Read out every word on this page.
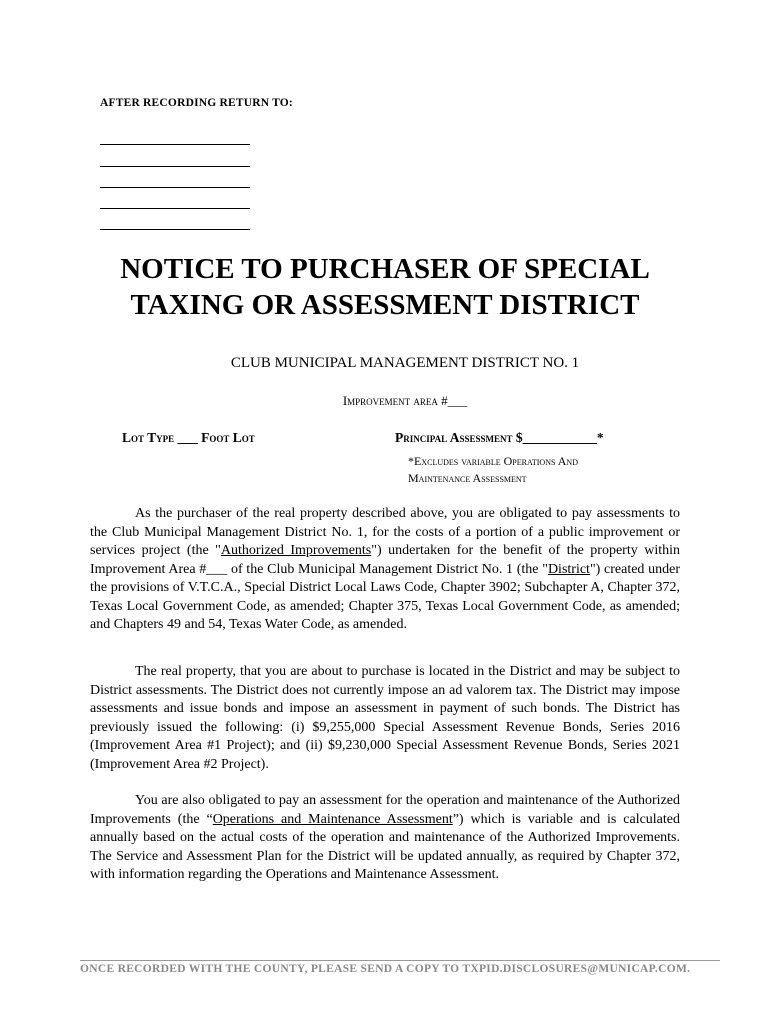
AFTER RECORDING RETURN TO:
NOTICE TO PURCHASER OF SPECIAL
TAXING OR ASSESSMENT DISTRICT
CLUB MUNICIPAL MANAGEMENT DISTRICT NO. 1
Improvement area #___
Lot Type ___ Foot Lot	Principal Assessment $___________*
*Excludes variable Operations And
Maintenance Assessment

As the purchaser of the real property described above, you are obligated to pay assessments to the Club Municipal Management District No. 1, for the costs of a portion of a public improvement or services project (the "Authorized Improvements") undertaken for the benefit of the property within Improvement Area #___ of the Club Municipal Management District No. 1 (the "District") created under the provisions of V.T.C.A., Special District Local Laws Code, Chapter 3902; Subchapter A, Chapter 372, Texas Local Government Code, as amended; Chapter 375, Texas Local Government Code, as amended; and Chapters 49 and 54, Texas Water Code, as amended.

The real property, that you are about to purchase is located in the District and may be subject to District assessments. The District does not currently impose an ad valorem tax. The District may impose assessments and issue bonds and impose an assessment in payment of such bonds. The District has previously issued the following: (i) $9,255,000 Special Assessment Revenue Bonds, Series 2016 (Improvement Area #1 Project); and (ii) $9,230,000 Special Assessment Revenue Bonds, Series 2021 (Improvement Area #2 Project).

You are also obligated to pay an assessment for the operation and maintenance of the Authorized Improvements (the “Operations and Maintenance Assessment”) which is variable and is calculated annually based on the actual costs of the operation and maintenance of the Authorized Improvements. The Service and Assessment Plan for the District will be updated annually, as required by Chapter 372, with information regarding the Operations and Maintenance Assessment.

ONCE RECORDED WITH THE COUNTY, PLEASE SEND A COPY TO TXPID.DISCLOSURES@MUNICAP.COM.
